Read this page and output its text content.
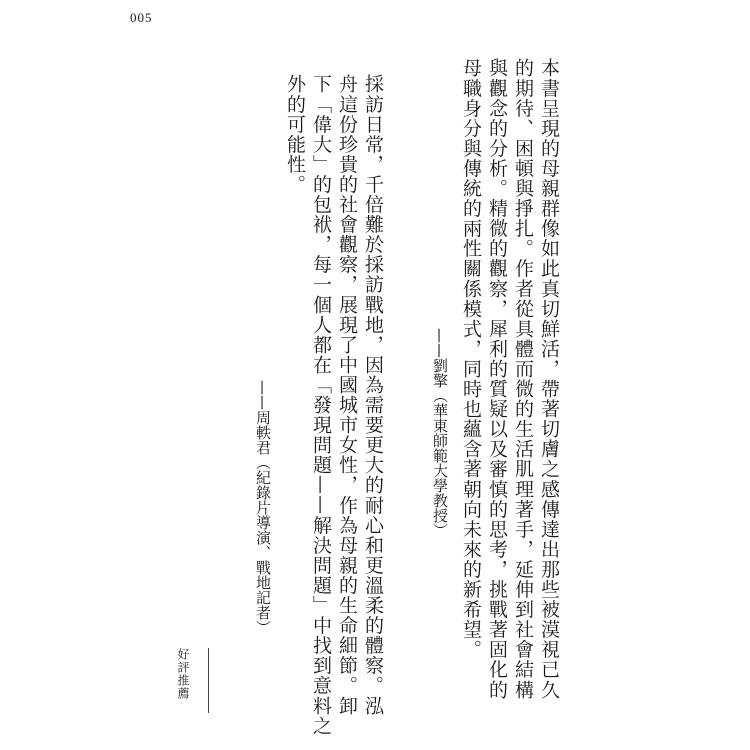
005
本書呈現的母親群像如此真切鮮活，帶著切膚之感傳達出那些被漠視已久
的期待、困頓與掙扎。作者從具體而微的生活肌理著手，延伸到社會結構
與觀念的分析。精微的觀察，犀利的質疑以及審慎的思考，挑戰著固化的
母職身分與傳統的兩性關係模式，同時也蘊含著朝向未來的新希望。
——劉擎（華東師範大學教授）
採訪日常，千倍難於採訪戰地，因為需要更大的耐心和更溫柔的體察。泓
舟這份珍貴的社會觀察，展現了中國城市女性，作為母親的生命細節。卸
下「偉大」的包袱，每一個人都在「發現問題——解決問題」中找到意料之
外的可能性。
——周軼君（紀錄片導演、戰地記者）
好評推薦
